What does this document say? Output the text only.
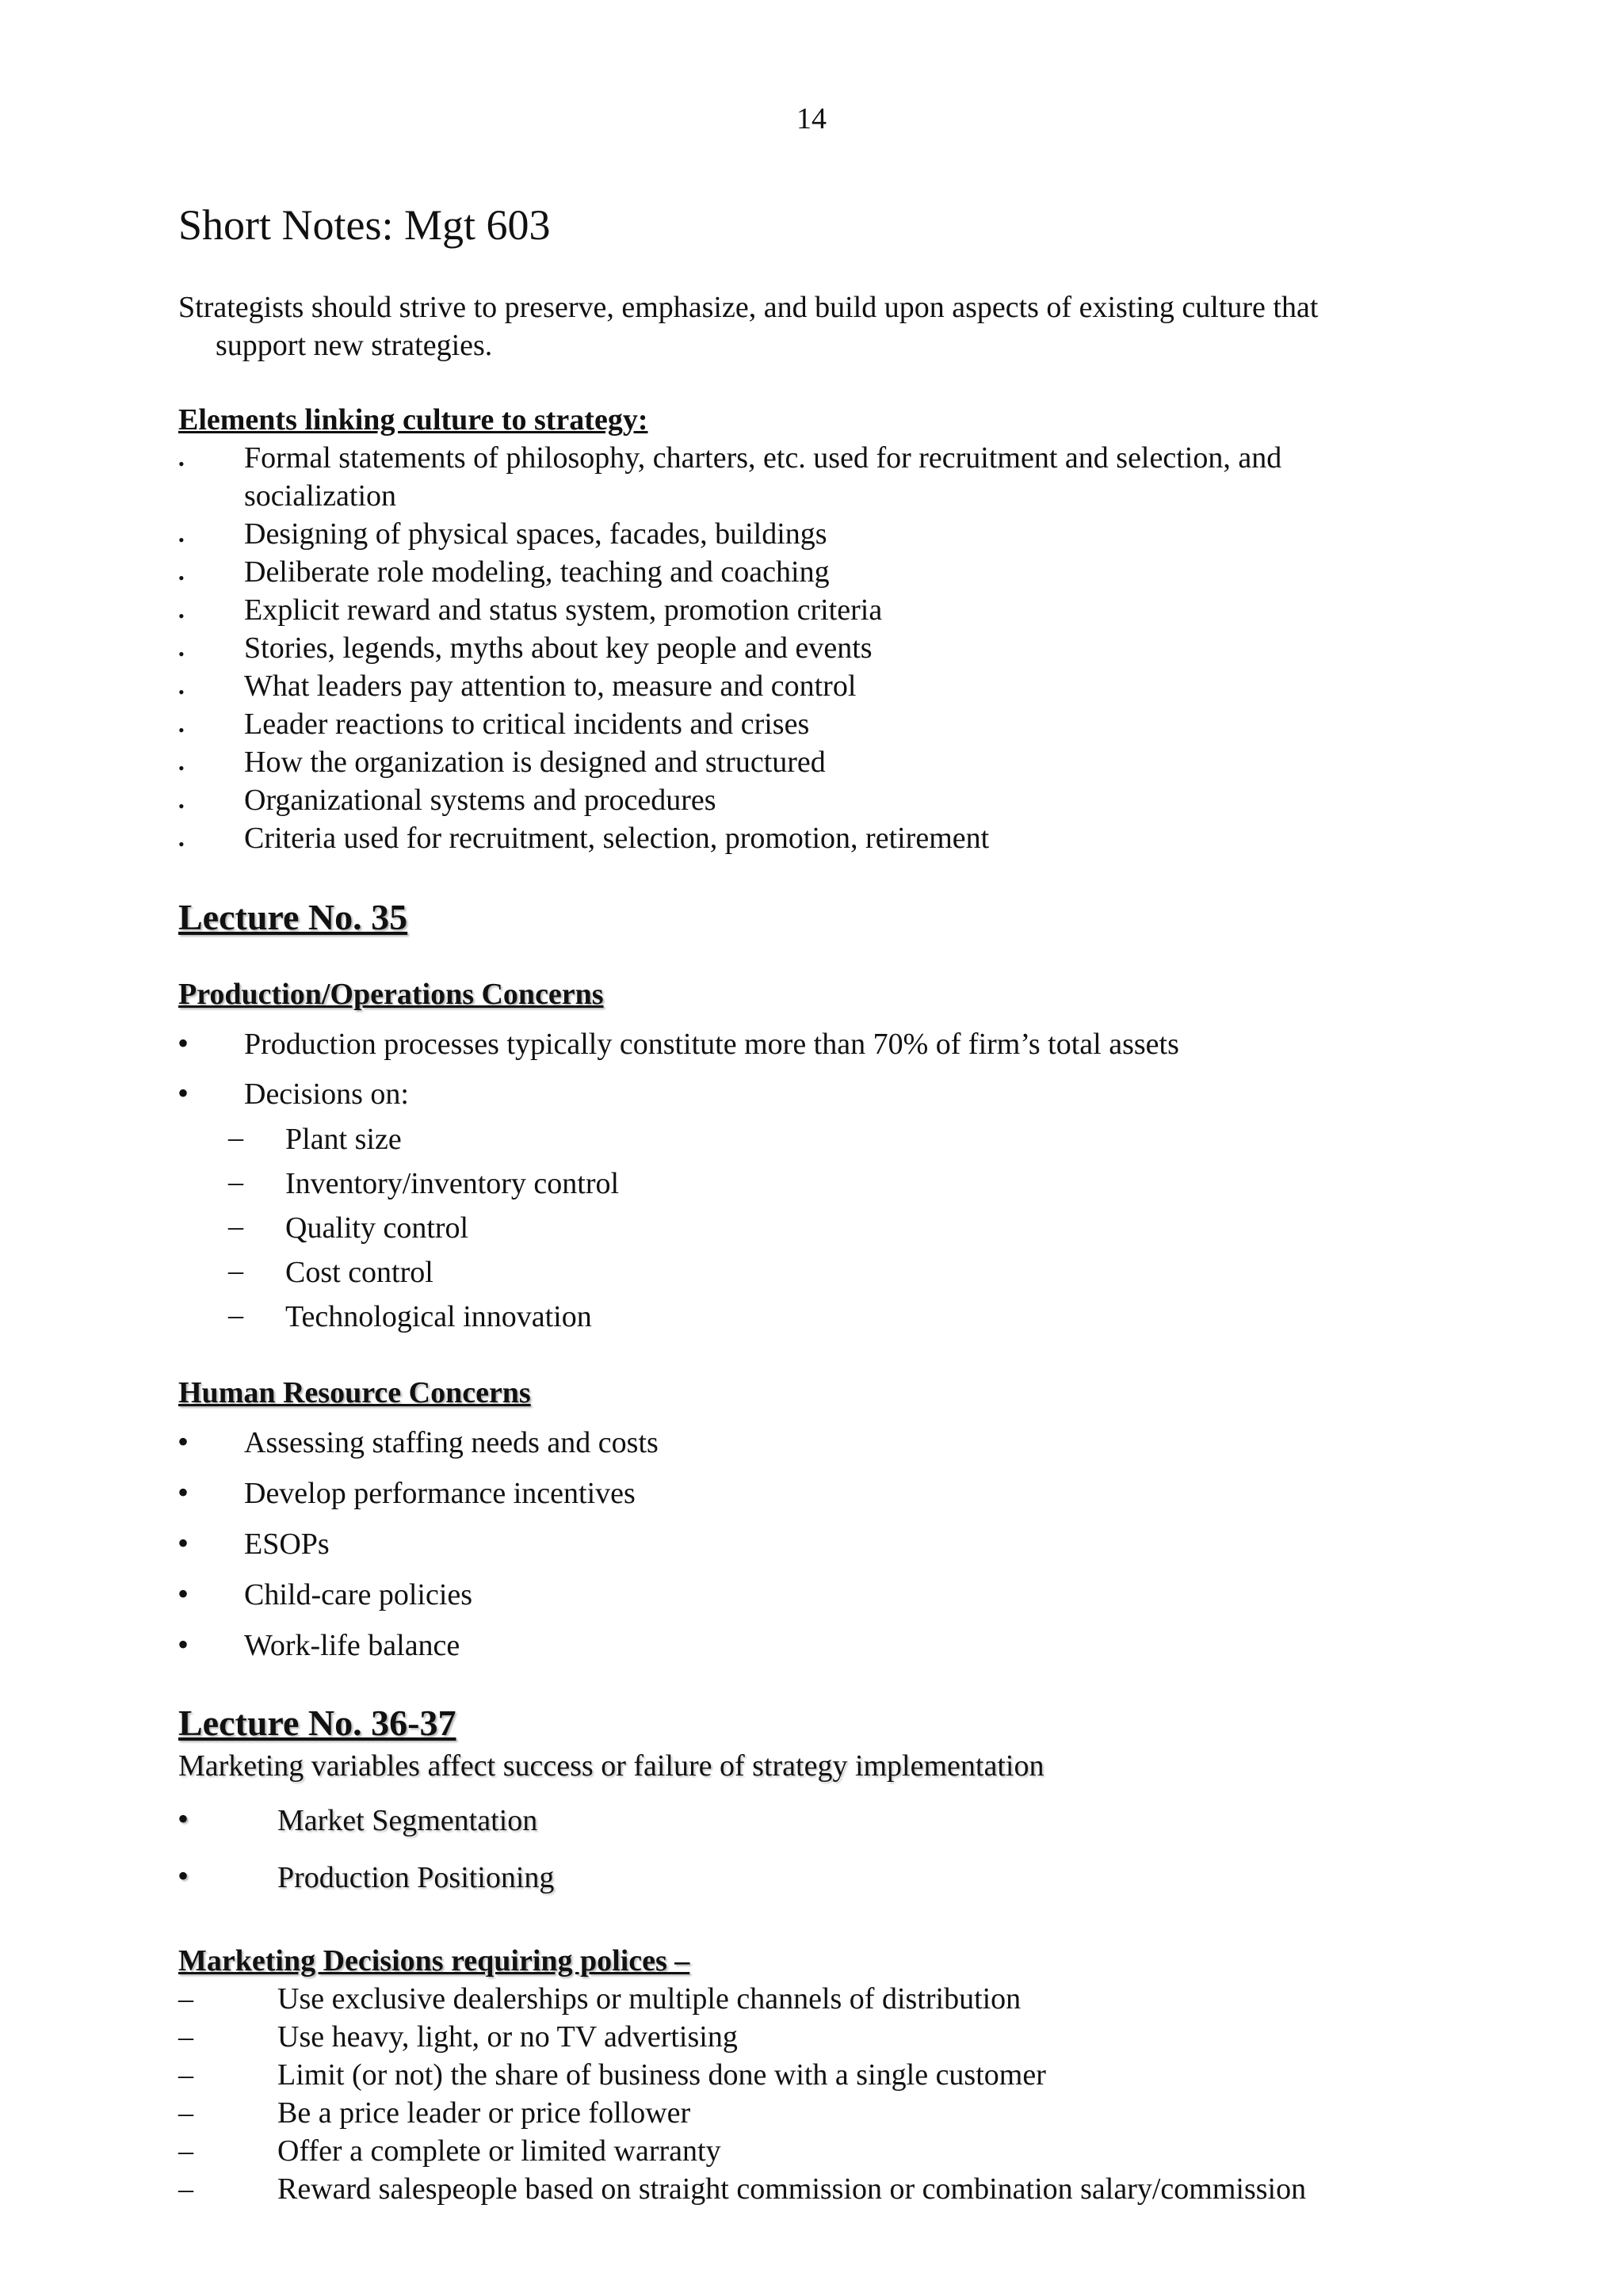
14
Short Notes: Mgt 603
Strategists should strive to preserve, emphasize, and build upon aspects of existing culture that
support new strategies.
Elements linking culture to strategy:
• Formal statements of philosophy, charters, etc. used for recruitment and selection, and
socialization
• Designing of physical spaces, facades, buildings
• Deliberate role modeling, teaching and coaching
• Explicit reward and status system, promotion criteria
• Stories, legends, myths about key people and events
• What leaders pay attention to, measure and control
• Leader reactions to critical incidents and crises
• How the organization is designed and structured
• Organizational systems and procedures
• Criteria used for recruitment, selection, promotion, retirement
Lecture No. 35
Production/Operations Concerns
• Production processes typically constitute more than 70% of firm’s total assets
• Decisions on:
– Plant size
– Inventory/inventory control
– Quality control
– Cost control
– Technological innovation
Human Resource Concerns
• Assessing staffing needs and costs
• Develop performance incentives
• ESOPs
• Child-care policies
• Work-life balance
Lecture No. 36-37
Marketing variables affect success or failure of strategy implementation
•	Market Segmentation
•	Production Positioning
Marketing Decisions requiring polices –
–	Use exclusive dealerships or multiple channels of distribution
–	Use heavy, light, or no TV advertising
–	Limit (or not) the share of business done with a single customer
–	Be a price leader or price follower
–	Offer a complete or limited warranty
–	Reward salespeople based on straight commission or combination salary/commission
